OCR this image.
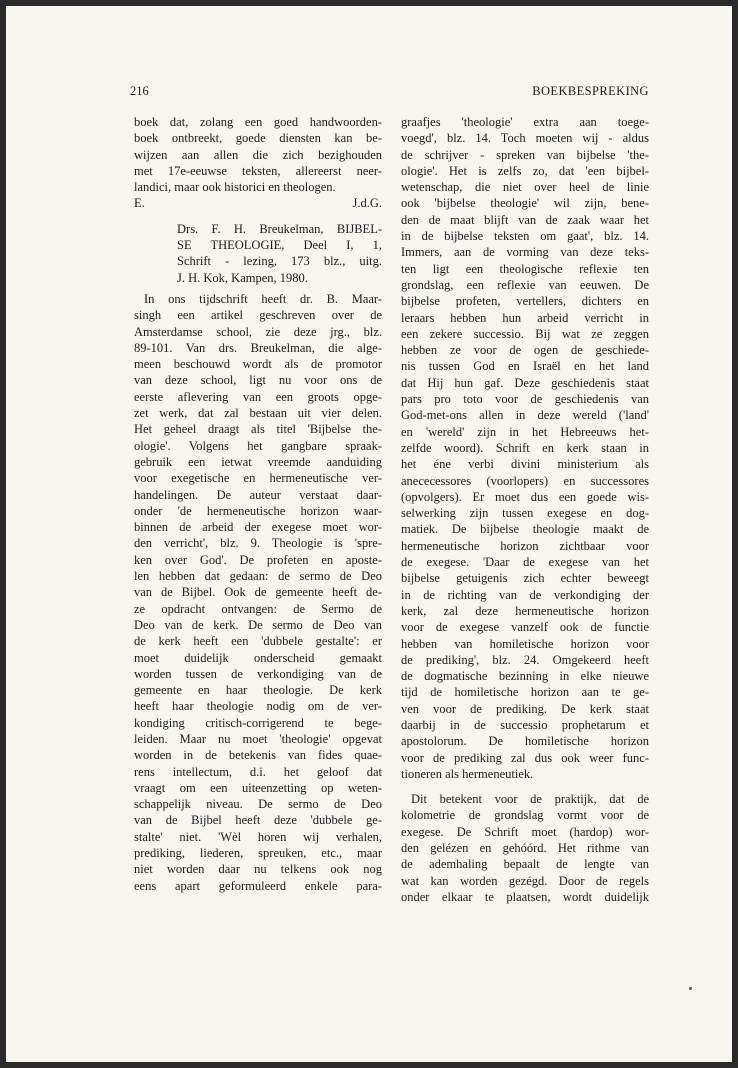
216	BOEKBESPREKING
boek dat, zolang een goed handwoorden-
boek ontbreekt, goede diensten kan be-
wijzen aan allen die zich bezighouden
met 17e-eeuwse teksten, allereerst neer-
landici, maar ook historici en theologen.
E.	J.d.G.
Drs. F. H. Breukelman, BIJBEL-
SE THEOLOGIE, Deel I, 1,
Schrift - lezing, 173 blz., uitg.
J. H. Kok, Kampen, 1980.
In ons tijdschrift heeft dr. B. Maar-
singh een artikel geschreven over de
Amsterdamse school, zie deze jrg., blz.
89-101. Van drs. Breukelman, die alge-
meen beschouwd wordt als de promotor
van deze school, ligt nu voor ons de
eerste aflevering van een groots opge-
zet werk, dat zal bestaan uit vier delen.
Het geheel draagt als titel 'Bijbelse the-
ologie'. Volgens het gangbare spraak-
gebruik een ietwat vreemde aanduiding
voor exegetische en hermeneutische ver-
handelingen. De auteur verstaat daar-
onder 'de hermeneutische horizon waar-
binnen de arbeid der exegese moet wor-
den verricht', blz. 9. Theologie is 'spre-
ken over God'. De profeten en aposte-
len hebben dat gedaan: de sermo de Deo
van de Bijbel. Ook de gemeente heeft de-
ze opdracht ontvangen: de Sermo de
Deo van de kerk. De sermo de Deo van
de kerk heeft een 'dubbele gestalte': er
moet duidelijk onderscheid gemaakt
worden tussen de verkondiging van de
gemeente en haar theologie. De kerk
heeft haar theologie nodig om de ver-
kondiging critisch-corrigerend te bege-
leiden. Maar nu moet 'theologie' opgevat
worden in de betekenis van fides quae-
rens intellectum, d.i. het geloof dat
vraagt om een uiteenzetting op weten-
schappelijk niveau. De sermo de Deo
van de Bijbel heeft deze 'dubbele ge-
stalte' niet. 'Wèl horen wij verhalen,
prediking, liederen, spreuken, etc., maar
niet worden daar nu telkens ook nog
eens apart geformuleerd enkele para-
graafjes 'theologie' extra aan toege-
voegd', blz. 14. Toch moeten wij - aldus
de schrijver - spreken van bijbelse 'the-
ologie'. Het is zelfs zo, dat 'een bijbel-
wetenschap, die niet over heel de linie
ook 'bijbelse theologie' wil zijn, bene-
den de maat blijft van de zaak waar het
in de bijbelse teksten om gaat', blz. 14.
Immers, aan de vorming van deze teks-
ten ligt een theologische reflexie ten
grondslag, een reflexie van eeuwen. De
bijbelse profeten, vertellers, dichters en
leraars hebben hun arbeid verricht in
een zekere successio. Bij wat ze zeggen
hebben ze voor de ogen de geschiede-
nis tussen God en Israël en het land
dat Hij hun gaf. Deze geschiedenis staat
pars pro toto voor de geschiedenis van
God-met-ons allen in deze wereld ('land'
en 'wereld' zijn in het Hebreeuws het-
zelfde woord). Schrift en kerk staan in
het éne verbi divini ministerium als
anececessores (voorlopers) en successores
(opvolgers). Er moet dus een goede wis-
selwerking zijn tussen exegese en dog-
matiek. De bijbelse theologie maakt de
hermeneutische horizon zichtbaar voor
de exegese. 'Daar de exegese van het
bijbelse getuigenis zich echter beweegt
in de richting van de verkondiging der
kerk, zal deze hermeneutische horizon
voor de exegese vanzelf ook de functie
hebben van homiletische horizon voor
de prediking', blz. 24. Omgekeerd heeft
de dogmatische bezinning in elke nieuwe
tijd de homiletische horizon aan te ge-
ven voor de prediking. De kerk staat
daarbij in de successio prophetarum et
apostolorum. De homiletische horizon
voor de prediking zal dus ook weer func-
tioneren als hermeneutiek.
Dit betekent voor de praktijk, dat de
kolometrie de grondslag vormt voor de
exegese. De Schrift moet (hardop) wor-
den gelézen en gehóórd. Het rithme van
de ademhaling bepaalt de lengte van
wat kan worden gezégd. Door de regels
onder elkaar te plaatsen, wordt duidelijk
